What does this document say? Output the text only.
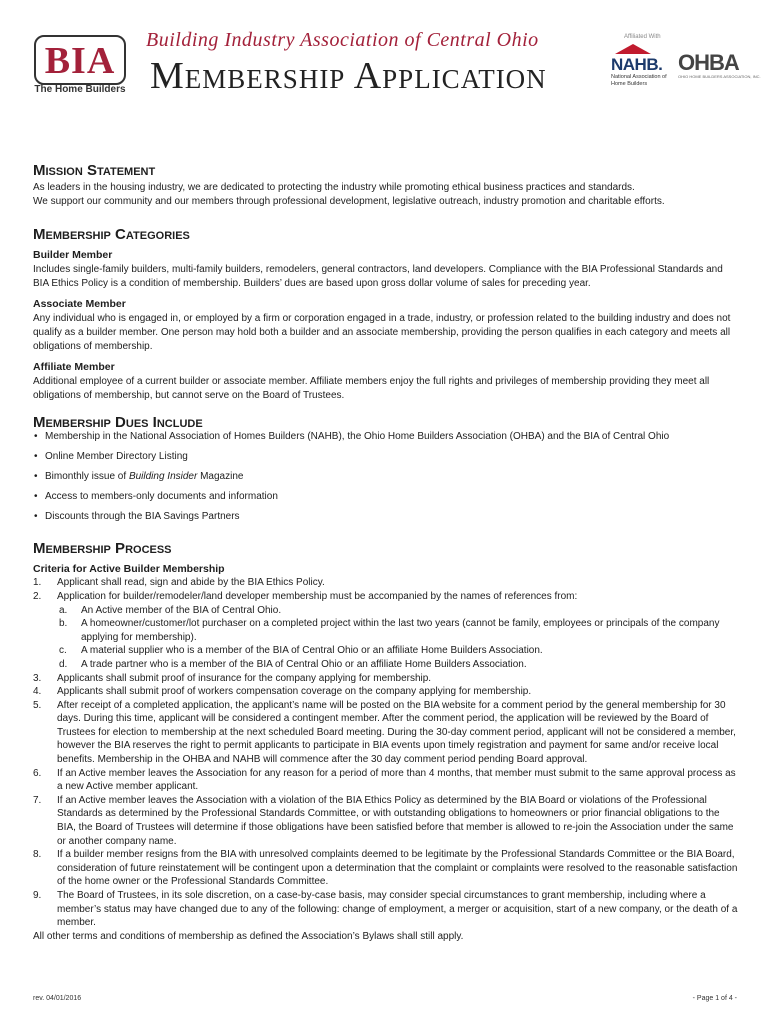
BIA
The Home Builders
Building Industry Association of Central Ohio
Membership Application
Affiliated With
NAHB.
National Association of Home Builders
OHBA
OHIO HOME BUILDERS ASSOCIATION, INC.
Mission Statement

As leaders in the housing industry, we are dedicated to protecting the industry while promoting ethical business practices and standards.

We support our community and our members through professional development, legislative outreach, industry promotion and charitable efforts.

Membership Categories

Builder Member

Includes single-family builders, multi-family builders, remodelers, general contractors, land developers. Compliance with the BIA Professional Standards and BIA Ethics Policy is a condition of membership. Builders’ dues are based upon gross dollar volume of sales for preceding year.

Associate Member

Any individual who is engaged in, or employed by a firm or corporation engaged in a trade, industry, or profession related to the building industry and does not qualify as a builder member. One person may hold both a builder and an associate membership, providing the person qualifies in each category and meets all obligations of membership.

Affiliate Member

Additional employee of a current builder or associate member. Affiliate members enjoy the full rights and privileges of membership providing they meet all obligations of membership, but cannot serve on the Board of Trustees.

Membership Dues Include
• Membership in the National Association of Homes Builders (NAHB), the Ohio Home Builders Association (OHBA) and the BIA of Central Ohio
• Online Member Directory Listing
• Bimonthly issue of Building Insider Magazine
• Access to members-only documents and information
• Discounts through the BIA Savings Partners
Membership Process

Criteria for Active Builder Membership

1. Applicant shall read, sign and abide by the BIA Ethics Policy.
2. Application for builder/remodeler/land developer membership must be accompanied by the names of references from:
a. An Active member of the BIA of Central Ohio.
b. A homeowner/customer/lot purchaser on a completed project within the last two years (cannot be family, employees or principals of the company applying for membership).
c. A material supplier who is a member of the BIA of Central Ohio or an affiliate Home Builders Association.
d. A trade partner who is a member of the BIA of Central Ohio or an affiliate Home Builders Association.
3. Applicants shall submit proof of insurance for the company applying for membership.
4. Applicants shall submit proof of workers compensation coverage on the company applying for membership.
5. After receipt of a completed application, the applicant’s name will be posted on the BIA website for a comment period by the general membership for 30 days. During this time, applicant will be considered a contingent member. After the comment period, the application will be reviewed by the Board of Trustees for election to membership at the next scheduled Board meeting. During the 30-day comment period, applicant will not be considered a member, however the BIA reserves the right to permit applicants to participate in BIA events upon timely registration and payment for same and/or receive local benefits. Membership in the OHBA and NAHB will commence after the 30 day comment period pending Board approval.
6. If an Active member leaves the Association for any reason for a period of more than 4 months, that member must submit to the same approval process as a new Active member applicant.
7. If an Active member leaves the Association with a violation of the BIA Ethics Policy as determined by the BIA Board or violations of the Professional Standards as determined by the Professional Standards Committee, or with outstanding obligations to homeowners or prior financial obligations to the BIA, the Board of Trustees will determine if those obligations have been satisfied before that member is allowed to re-join the Association under the same or another company name.
8. If a builder member resigns from the BIA with unresolved complaints deemed to be legitimate by the Professional Standards Committee or the BIA Board, consideration of future reinstatement will be contingent upon a determination that the complaint or complaints were resolved to the reasonable satisfaction of the home owner or the Professional Standards Committee.
9. The Board of Trustees, in its sole discretion, on a case-by-case basis, may consider special circumstances to grant membership, including where a member’s status may have changed due to any of the following: change of employment, a merger or acquisition, start of a new company, or the death of a member.

All other terms and conditions of membership as defined the Association’s Bylaws shall still apply.

rev. 04/01/2016	- Page 1 of 4 -
